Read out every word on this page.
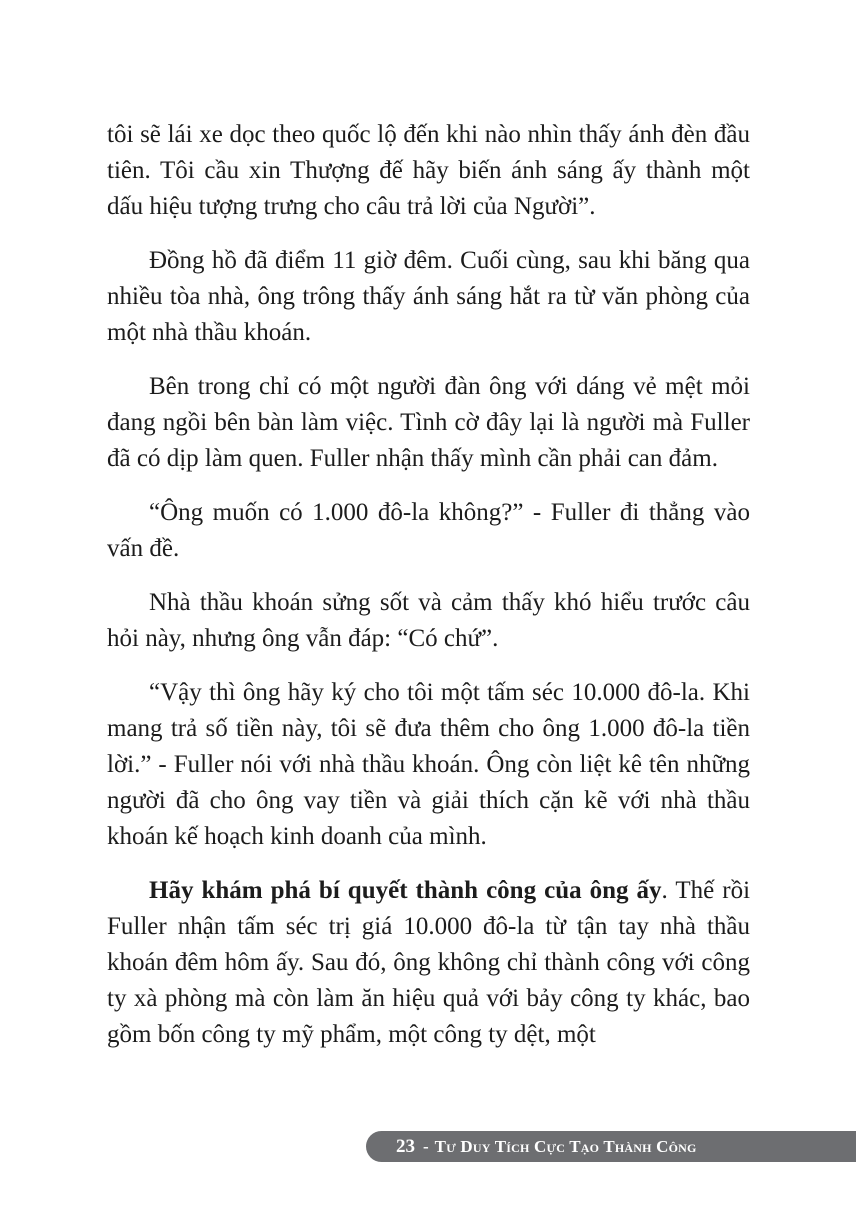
tôi sẽ lái xe dọc theo quốc lộ đến khi nào nhìn thấy ánh đèn đầu tiên. Tôi cầu xin Thượng đế hãy biến ánh sáng ấy thành một dấu hiệu tượng trưng cho câu trả lời của Người”.

Đồng hồ đã điểm 11 giờ đêm. Cuối cùng, sau khi băng qua nhiều tòa nhà, ông trông thấy ánh sáng hắt ra từ văn phòng của một nhà thầu khoán.

Bên trong chỉ có một người đàn ông với dáng vẻ mệt mỏi đang ngồi bên bàn làm việc. Tình cờ đây lại là người mà Fuller đã có dịp làm quen. Fuller nhận thấy mình cần phải can đảm.

“Ông muốn có 1.000 đô-la không?” - Fuller đi thẳng vào vấn đề.

Nhà thầu khoán sửng sốt và cảm thấy khó hiểu trước câu hỏi này, nhưng ông vẫn đáp: “Có chứ”.

“Vậy thì ông hãy ký cho tôi một tấm séc 10.000 đô-la. Khi mang trả số tiền này, tôi sẽ đưa thêm cho ông 1.000 đô-la tiền lời.” - Fuller nói với nhà thầu khoán. Ông còn liệt kê tên những người đã cho ông vay tiền và giải thích cặn kẽ với nhà thầu khoán kế hoạch kinh doanh của mình.

Hãy khám phá bí quyết thành công của ông ấy. Thế rồi Fuller nhận tấm séc trị giá 10.000 đô-la từ tận tay nhà thầu khoán đêm hôm ấy. Sau đó, ông không chỉ thành công với công ty xà phòng mà còn làm ăn hiệu quả với bảy công ty khác, bao gồm bốn công ty mỹ phẩm, một công ty dệt, một

23 - Tư Duy Tích Cực Tạo Thành Công
